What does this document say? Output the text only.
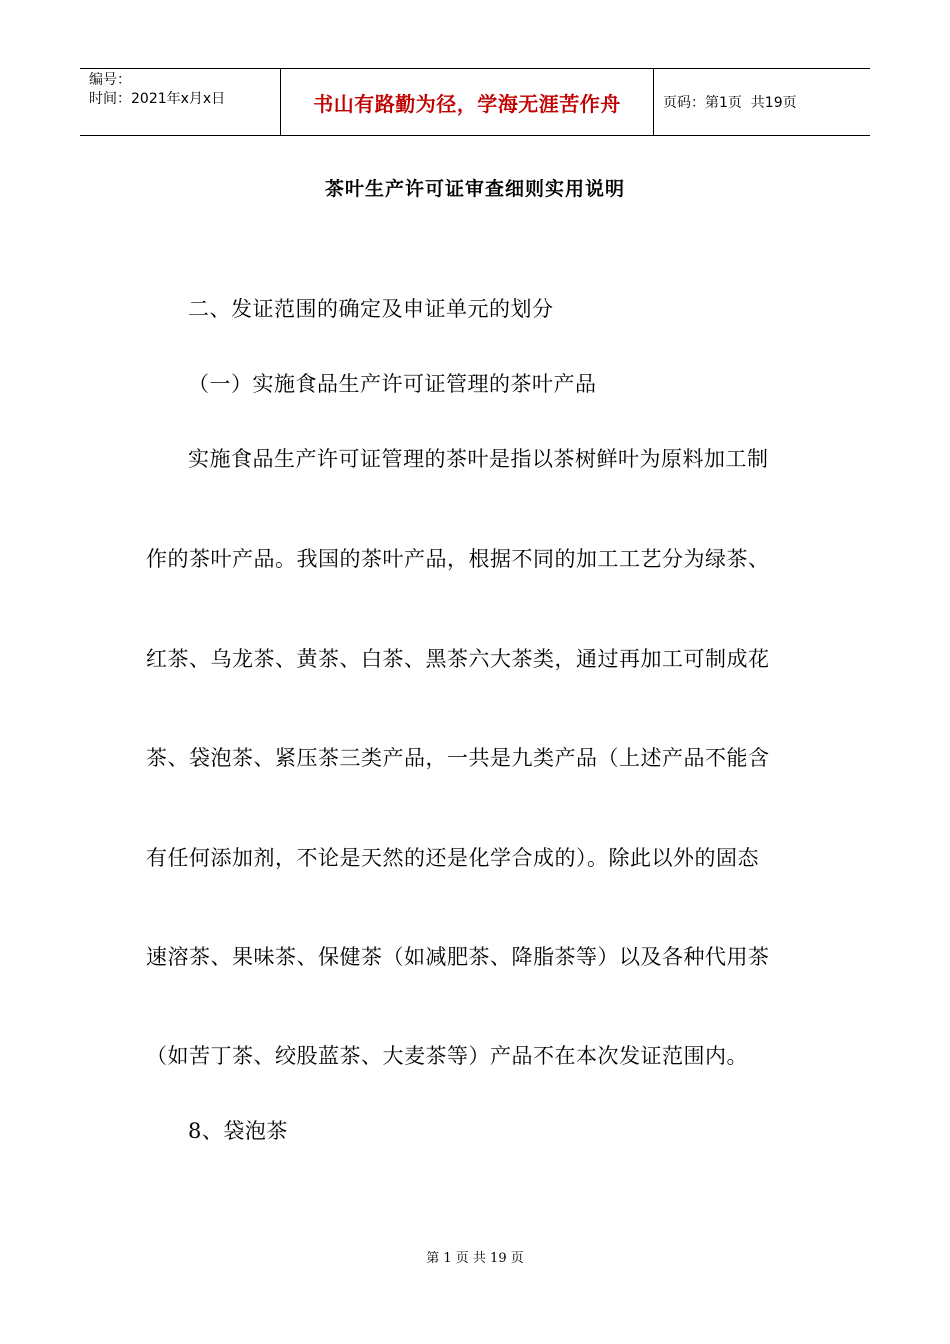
编号：
时间：2021年x月x日	书山有路勤为径，学海无涯苦作舟	页码：第1页  共19页
茶叶生产许可证审查细则实用说明
二、发证范围的确定及申证单元的划分
（一）实施食品生产许可证管理的茶叶产品
实施食品生产许可证管理的茶叶是指以茶树鲜叶为原料加工制
作的茶叶产品。我国的茶叶产品，根据不同的加工工艺分为绿茶、
红茶、乌龙茶、黄茶、白茶、黑茶六大茶类，通过再加工可制成花
茶、袋泡茶、紧压茶三类产品，一共是九类产品（上述产品不能含
有任何添加剂，不论是天然的还是化学合成的）。除此以外的固态
速溶茶、果味茶、保健茶（如减肥茶、降脂茶等）以及各种代用茶
（如苦丁茶、绞股蓝茶、大麦茶等）产品不在本次发证范围内。
8、袋泡茶
第 1 页 共 19 页
